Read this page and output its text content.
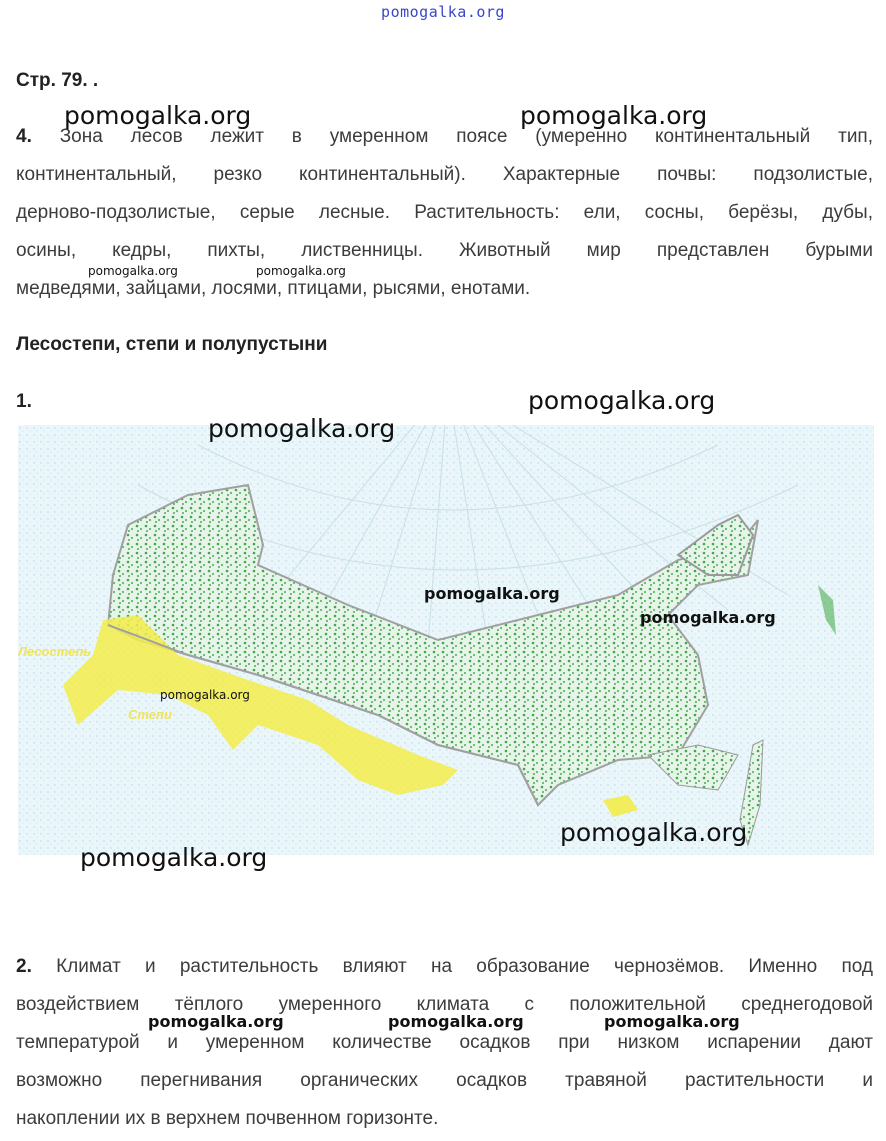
pomogalka.org
Стр. 79. .
4. Зона лесов лежит в умеренном поясе (умеренно континентальный тип,
континентальный, резко континентальный). Характерные почвы: подзолистые,
дерново-подзолистые, серые лесные. Растительность: ели, сосны, берёзы, дубы,
осины, кедры, пихты, лиственницы. Животный мир представлен бурыми
медведями, зайцами, лосями, птицами, рысями, енотами.
Лесостепи, степи и полупустыни
1.
Лесостепь
Степи
2. Климат и растительность влияют на образование чернозёмов. Именно под
воздействием тёплого умеренного климата с положительной среднегодовой
температурой и умеренном количестве осадков при низком испарении дают
возможно перегнивания органических осадков травяной растительности и
накоплении их в верхнем почвенном горизонте.
pomogalka.org	pomogalka.org
pomogalka.org	pomogalka.org
pomogalka.org
pomogalka.org
pomogalka.org
pomogalka.org
pomogalka.org
pomogalka.org
pomogalka.org
pomogalka.org	pomogalka.org	pomogalka.org
